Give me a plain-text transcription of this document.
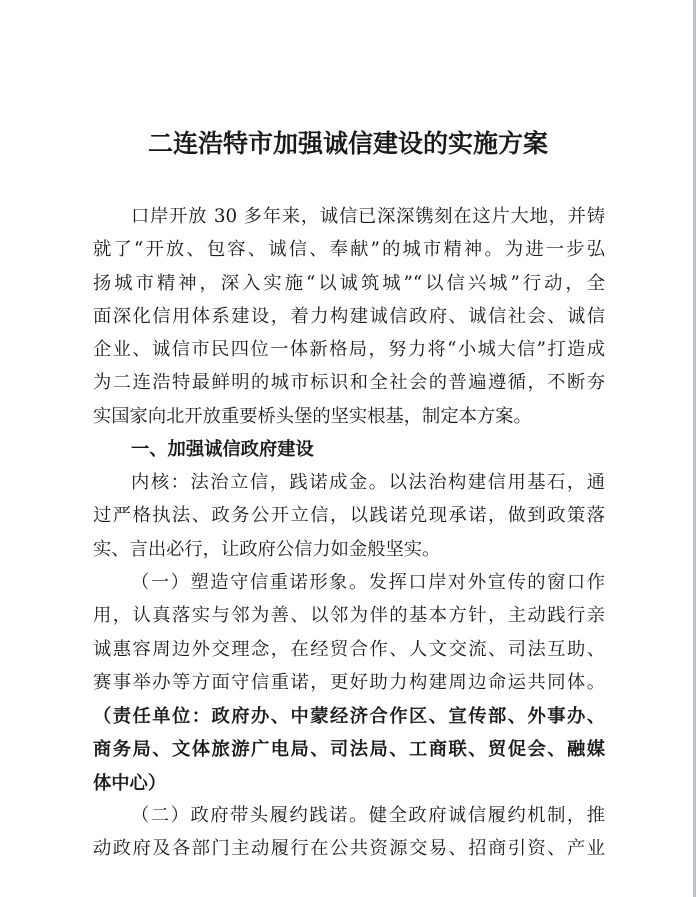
二连浩特市加强诚信建设的实施方案
口岸开放 30 多年来，诚信已深深镌刻在这片大地，并铸
就了“开放、包容、诚信、奉献”的城市精神。为进一步弘
扬城市精神，深入实施“以诚筑城”“以信兴城”行动，全
面深化信用体系建设，着力构建诚信政府、诚信社会、诚信
企业、诚信市民四位一体新格局，努力将“小城大信”打造成
为二连浩特最鲜明的城市标识和全社会的普遍遵循，不断夯
实国家向北开放重要桥头堡的坚实根基，制定本方案。
一、加强诚信政府建设
内核：法治立信，践诺成金。以法治构建信用基石，通
过严格执法、政务公开立信，以践诺兑现承诺，做到政策落
实、言出必行，让政府公信力如金般坚实。
（一）塑造守信重诺形象。发挥口岸对外宣传的窗口作
用，认真落实与邻为善、以邻为伴的基本方针，主动践行亲
诚惠容周边外交理念，在经贸合作、人文交流、司法互助、
赛事举办等方面守信重诺，更好助力构建周边命运共同体。
（责任单位：政府办、中蒙经济合作区、宣传部、外事办、
商务局、文体旅游广电局、司法局、工商联、贸促会、融媒
体中心）
（二）政府带头履约践诺。健全政府诚信履约机制，推
动政府及各部门主动履行在公共资源交易、招商引资、产业
